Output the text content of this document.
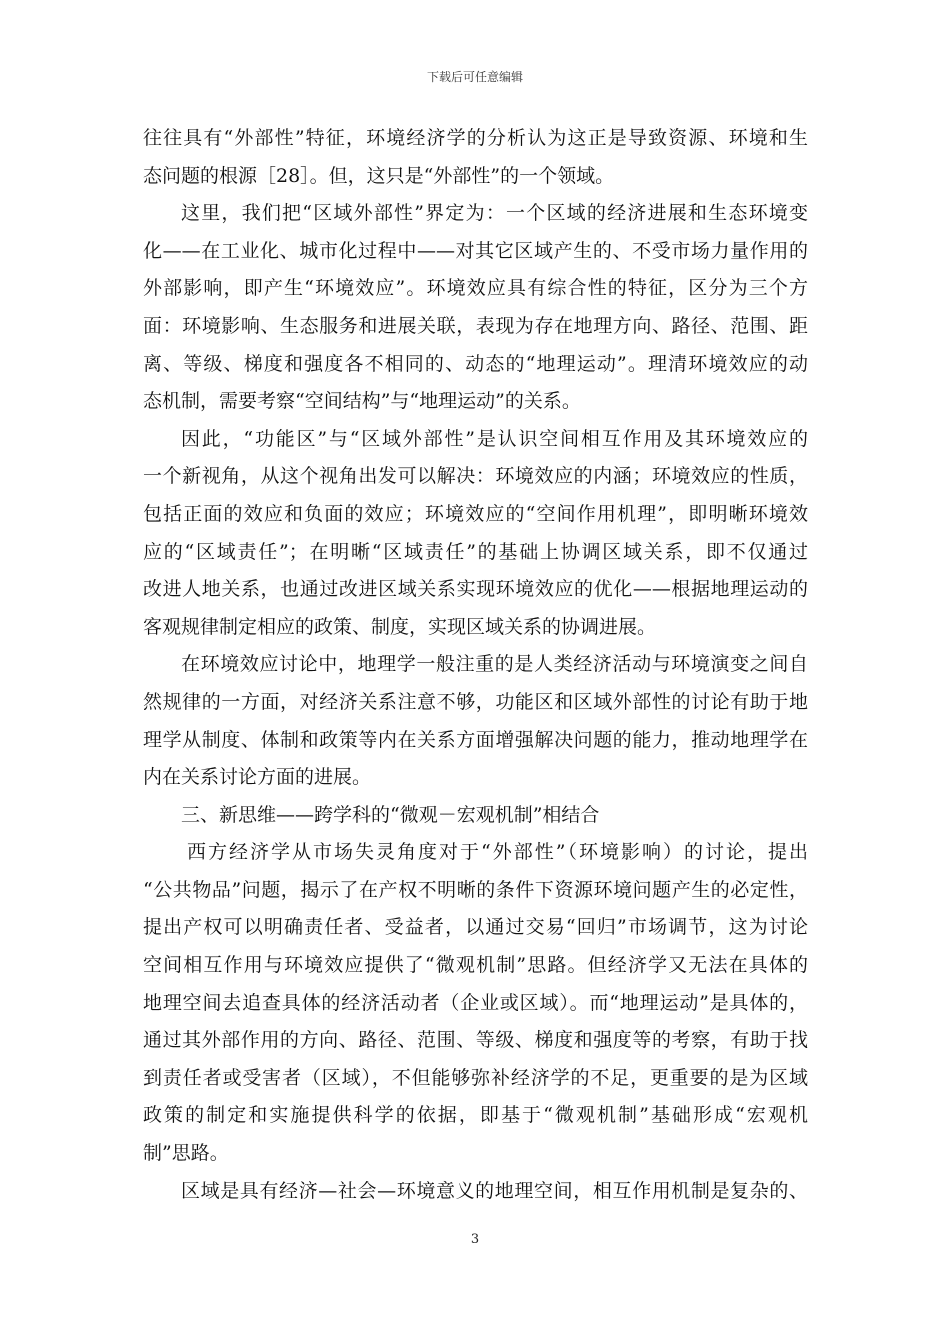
下载后可任意编辑
往往具有“外部性”特征，环境经济学的分析认为这正是导致资源、环境和生
态问题的根源［28］。但，这只是“外部性”的一个领域。
这里，我们把“区域外部性”界定为：一个区域的经济进展和生态环境变
化——在工业化、城市化过程中——对其它区域产生的、不受市场力量作用的
外部影响，即产生“环境效应”。环境效应具有综合性的特征，区分为三个方
面：环境影响、生态服务和进展关联，表现为存在地理方向、路径、范围、距
离、等级、梯度和强度各不相同的、动态的“地理运动”。理清环境效应的动
态机制，需要考察“空间结构”与“地理运动”的关系。
因此，“功能区”与“区域外部性”是认识空间相互作用及其环境效应的
一个新视角，从这个视角出发可以解决：环境效应的内涵；环境效应的性质，
包括正面的效应和负面的效应；环境效应的“空间作用机理”，即明晰环境效
应的“区域责任”；在明晰“区域责任”的基础上协调区域关系，即不仅通过
改进人地关系，也通过改进区域关系实现环境效应的优化——根据地理运动的
客观规律制定相应的政策、制度，实现区域关系的协调进展。
在环境效应讨论中，地理学一般注重的是人类经济活动与环境演变之间自
然规律的一方面，对经济关系注意不够，功能区和区域外部性的讨论有助于地
理学从制度、体制和政策等内在关系方面增强解决问题的能力，推动地理学在
内在关系讨论方面的进展。
三、新思维——跨学科的“微观－宏观机制”相结合
西方经济学从市场失灵角度对于“外部性”（环境影响）的讨论，提出
“公共物品”问题，揭示了在产权不明晰的条件下资源环境问题产生的必定性，
提出产权可以明确责任者、受益者，以通过交易“回归”市场调节，这为讨论
空间相互作用与环境效应提供了“微观机制”思路。但经济学又无法在具体的
地理空间去追查具体的经济活动者（企业或区域）。而“地理运动”是具体的，
通过其外部作用的方向、路径、范围、等级、梯度和强度等的考察，有助于找
到责任者或受害者（区域），不但能够弥补经济学的不足，更重要的是为区域
政策的制定和实施提供科学的依据，即基于“微观机制”基础形成“宏观机
制”思路。
区域是具有经济—社会—环境意义的地理空间，相互作用机制是复杂的、
3
